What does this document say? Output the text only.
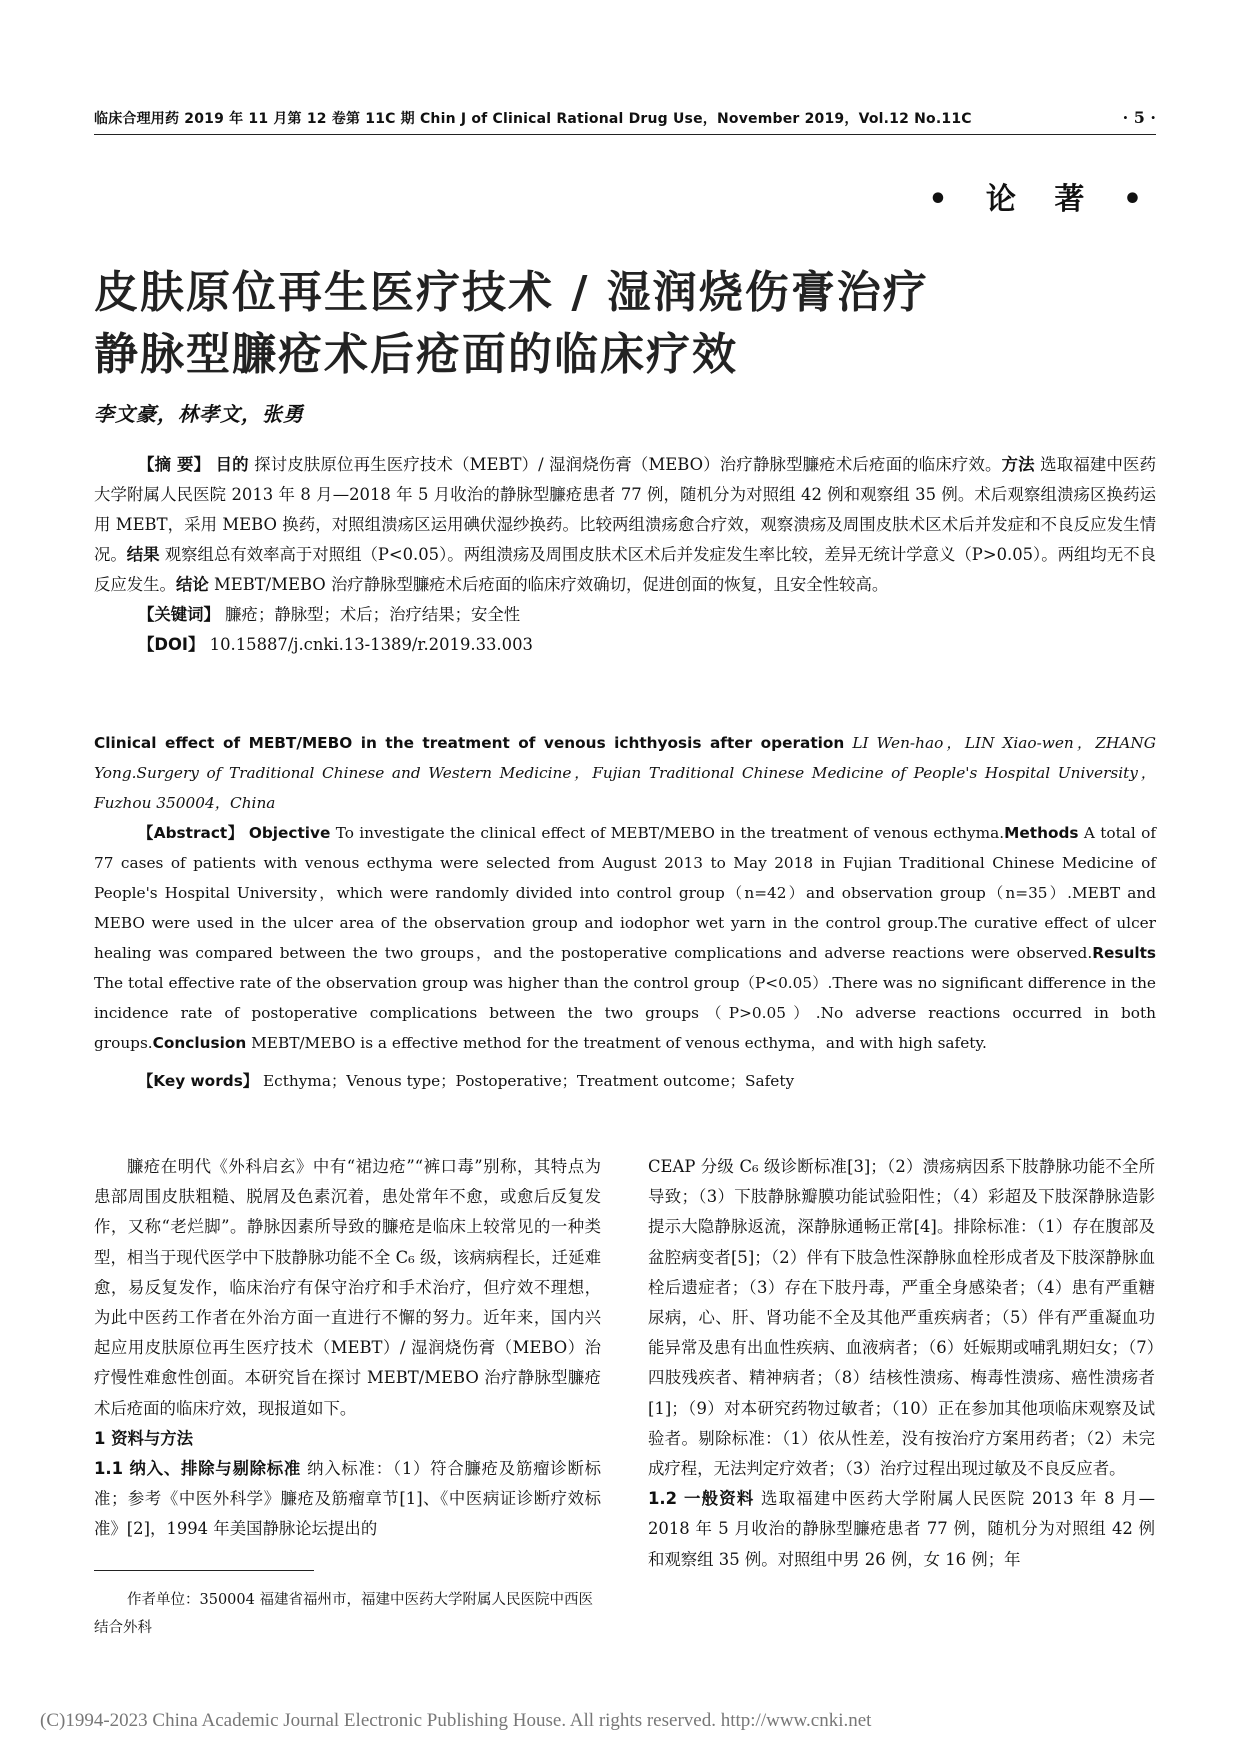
临床合理用药 2019 年 11 月第 12 卷第 11C 期 Chin J of Clinical Rational Drug Use，November 2019，Vol.12 No.11C	· 5 ·
• 论 著 •
皮肤原位再生医疗技术 / 湿润烧伤膏治疗
静脉型臁疮术后疮面的临床疗效
李文豪，林孝文，张勇

【摘 要】 目的 探讨皮肤原位再生医疗技术（MEBT）/ 湿润烧伤膏（MEBO）治疗静脉型臁疮术后疮面的临床疗效。方法 选取福建中医药大学附属人民医院 2013 年 8 月—2018 年 5 月收治的静脉型臁疮患者 77 例，随机分为对照组 42 例和观察组 35 例。术后观察组溃疡区换药运用 MEBT，采用 MEBO 换药，对照组溃疡区运用碘伏湿纱换药。比较两组溃疡愈合疗效，观察溃疡及周围皮肤术区术后并发症和不良反应发生情况。结果 观察组总有效率高于对照组（P<0.05）。两组溃疡及周围皮肤术区术后并发症发生率比较，差异无统计学意义（P>0.05）。两组均无不良反应发生。结论 MEBT/MEBO 治疗静脉型臁疮术后疮面的临床疗效确切，促进创面的恢复，且安全性较高。

【关键词】 臁疮；静脉型；术后；治疗结果；安全性

【DOI】 10.15887/j.cnki.13-1389/r.2019.33.003

Clinical effect of MEBT/MEBO in the treatment of venous ichthyosis after operation LI Wen-hao，LIN Xiao-wen，ZHANG Yong.Surgery of Traditional Chinese and Western Medicine，Fujian Traditional Chinese Medicine of People's Hospital University，Fuzhou 350004，China

【Abstract】 Objective To investigate the clinical effect of MEBT/MEBO in the treatment of venous ecthyma.Methods A total of 77 cases of patients with venous ecthyma were selected from August 2013 to May 2018 in Fujian Traditional Chinese Medicine of People's Hospital University，which were randomly divided into control group（n=42）and observation group（n=35）.MEBT and MEBO were used in the ulcer area of the observation group and iodophor wet yarn in the control group.The curative effect of ulcer healing was compared between the two groups，and the postoperative complications and adverse reactions were observed.Results The total effective rate of the observation group was higher than the control group（P<0.05）.There was no significant difference in the incidence rate of postoperative complications between the two groups（P>0.05）.No adverse reactions occurred in both groups.Conclusion MEBT/MEBO is a effective method for the treatment of venous ecthyma，and with high safety.

【Key words】 Ecthyma；Venous type；Postoperative；Treatment outcome；Safety

臁疮在明代《外科启玄》中有“裙边疮”“裤口毒”别称，其特点为患部周围皮肤粗糙、脱屑及色素沉着，患处常年不愈，或愈后反复发作，又称“老烂脚”。静脉因素所导致的臁疮是临床上较常见的一种类型，相当于现代医学中下肢静脉功能不全 C₆ 级，该病病程长，迁延难愈，易反复发作，临床治疗有保守治疗和手术治疗，但疗效不理想，为此中医药工作者在外治方面一直进行不懈的努力。近年来，国内兴起应用皮肤原位再生医疗技术（MEBT）/ 湿润烧伤膏（MEBO）治疗慢性难愈性创面。本研究旨在探讨 MEBT/MEBO 治疗静脉型臁疮术后疮面的临床疗效，现报道如下。

1 资料与方法

1.1 纳入、排除与剔除标准 纳入标准：（1）符合臁疮及筋瘤诊断标准；参考《中医外科学》臁疮及筋瘤章节[1]、《中医病证诊断疗效标准》[2]，1994 年美国静脉论坛提出的

CEAP 分级 C₆ 级诊断标准[3]；（2）溃疡病因系下肢静脉功能不全所导致；（3）下肢静脉瓣膜功能试验阳性；（4）彩超及下肢深静脉造影提示大隐静脉返流，深静脉通畅正常[4]。排除标准：（1）存在腹部及盆腔病变者[5]；（2）伴有下肢急性深静脉血栓形成者及下肢深静脉血栓后遗症者；（3）存在下肢丹毒，严重全身感染者；（4）患有严重糖尿病，心、肝、肾功能不全及其他严重疾病者；（5）伴有严重凝血功能异常及患有出血性疾病、血液病者；（6）妊娠期或哺乳期妇女；（7）四肢残疾者、精神病者；（8）结核性溃疡、梅毒性溃疡、癌性溃疡者[1]；（9）对本研究药物过敏者；（10）正在参加其他项临床观察及试验者。剔除标准：（1）依从性差，没有按治疗方案用药者；（2）未完成疗程，无法判定疗效者；（3）治疗过程出现过敏及不良反应者。

1.2 一般资料 选取福建中医药大学附属人民医院 2013 年 8 月—2018 年 5 月收治的静脉型臁疮患者 77 例，随机分为对照组 42 例和观察组 35 例。对照组中男 26 例，女 16 例；年

作者单位：350004 福建省福州市，福建中医药大学附属人民医院中西医结合外科

(C)1994-2023 China Academic Journal Electronic Publishing House. All rights reserved. http://www.cnki.net
